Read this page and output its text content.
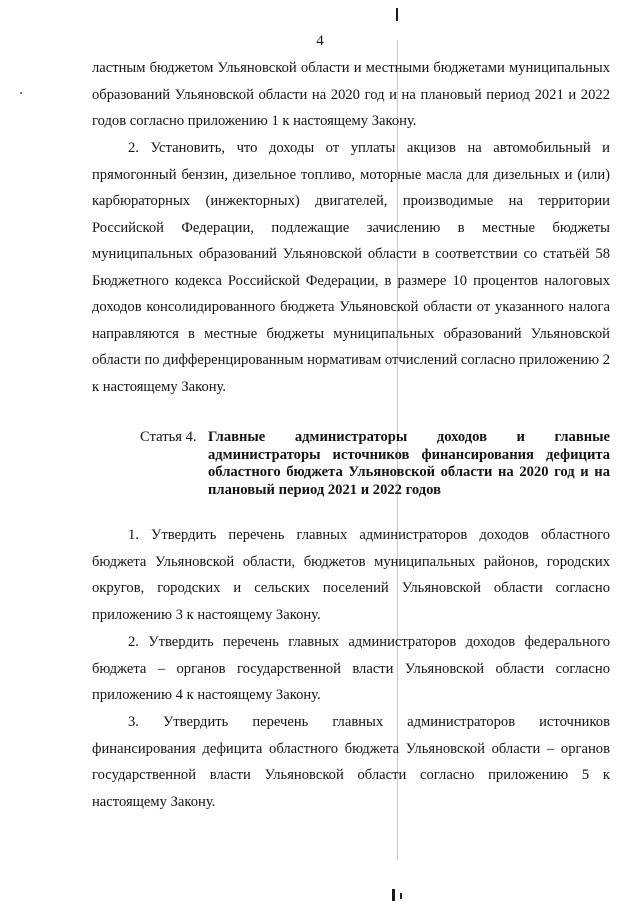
4

ластным бюджетом Ульяновской области и местными бюджетами муниципальных образований Ульяновской области на 2020 год и на плановый период 2021 и 2022 годов согласно приложению 1 к настоящему Закону.

2. Установить, что доходы от уплаты акцизов на автомобильный и прямогонный бензин, дизельное топливо, моторные масла для дизельных и (или) карбюраторных (инжекторных) двигателей, производимые на территории Российской Федерации, подлежащие зачислению в местные бюджеты муниципальных образований Ульяновской области в соответствии со статьёй 58 Бюджетного кодекса Российской Федерации, в размере 10 процентов налоговых доходов консолидированного бюджета Ульяновской области от указанного налога направляются в местные бюджеты муниципальных образований Ульяновской области по дифференцированным нормативам отчислений согласно приложению 2 к настоящему Закону.

Статья 4. Главные администраторы доходов и главные администраторы источников финансирования дефицита областного бюджета Ульяновской области на 2020 год и на плановый период 2021 и 2022 годов

1. Утвердить перечень главных администраторов доходов областного бюджета Ульяновской области, бюджетов муниципальных районов, городских округов, городских и сельских поселений Ульяновской области согласно приложению 3 к настоящему Закону.

2. Утвердить перечень главных администраторов доходов федерального бюджета – органов государственной власти Ульяновской области согласно приложению 4 к настоящему Закону.

3. Утвердить перечень главных администраторов источников финансирования дефицита областного бюджета Ульяновской области – органов государственной власти Ульяновской области согласно приложению 5 к настоящему Закону.
